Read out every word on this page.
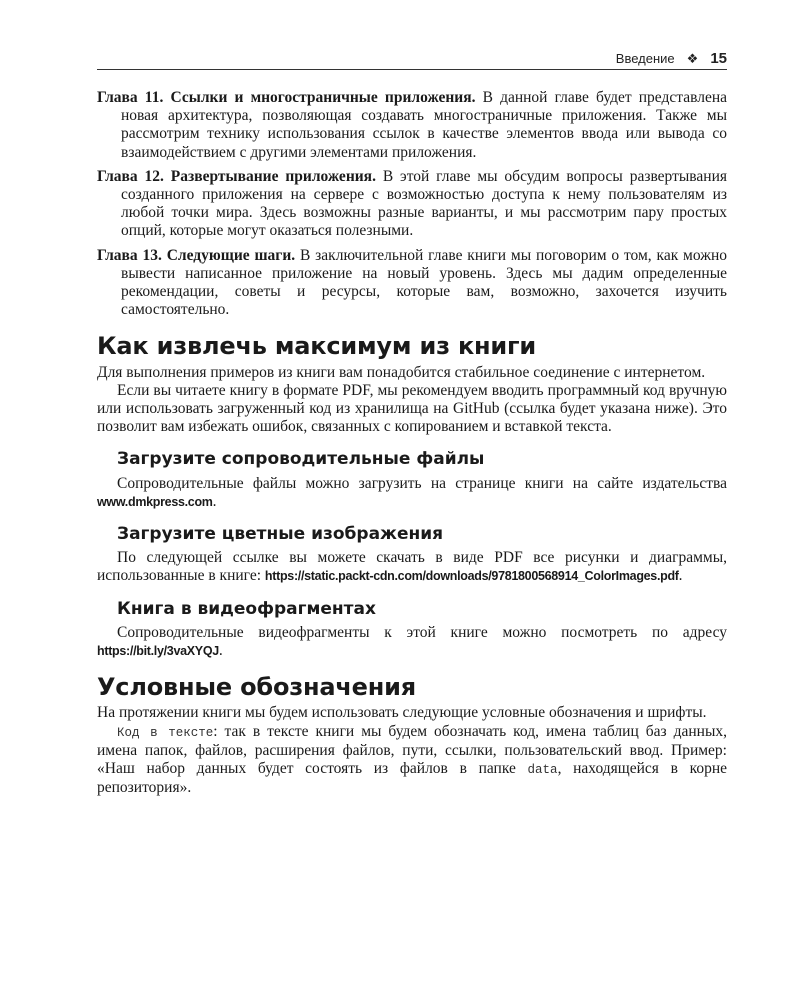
Введение ❖ 15

Глава 11. Ссылки и многостраничные приложения. В данной главе будет представлена новая архитектура, позволяющая создавать многостраничные приложения. Также мы рассмотрим технику использования ссылок в качестве элементов ввода или вывода со взаимодействием с другими элементами приложения.

Глава 12. Развертывание приложения. В этой главе мы обсудим вопросы развертывания созданного приложения на сервере с возможностью доступа к нему пользователям из любой точки мира. Здесь возможны разные варианты, и мы рассмотрим пару простых опций, которые могут оказаться полезными.

Глава 13. Следующие шаги. В заключительной главе книги мы поговорим о том, как можно вывести написанное приложение на новый уровень. Здесь мы дадим определенные рекомендации, советы и ресурсы, которые вам, возможно, захочется изучить самостоятельно.

Как извлечь максимум из книги

Для выполнения примеров из книги вам понадобится стабильное соединение с интернетом.

Если вы читаете книгу в формате PDF, мы рекомендуем вводить программный код вручную или использовать загруженный код из хранилища на GitHub (ссылка будет указана ниже). Это позволит вам избежать ошибок, связанных с копированием и вставкой текста.

Загрузите сопроводительные файлы

Сопроводительные файлы можно загрузить на странице книги на сайте издательства www.dmkpress.com.

Загрузите цветные изображения

По следующей ссылке вы можете скачать в виде PDF все рисунки и диаграммы, использованные в книге: https://static.packt-cdn.com/downloads/9781800568914_ColorImages.pdf.

Книга в видеофрагментах

Сопроводительные видеофрагменты к этой книге можно посмотреть по адресу https://bit.ly/3vaXYQJ.

Условные обозначения

На протяжении книги мы будем использовать следующие условные обозначения и шрифты.

Код в тексте: так в тексте книги мы будем обозначать код, имена таблиц баз данных, имена папок, файлов, расширения файлов, пути, ссылки, пользовательский ввод. Пример: «Наш набор данных будет состоять из файлов в папке data, находящейся в корне репозитория».
